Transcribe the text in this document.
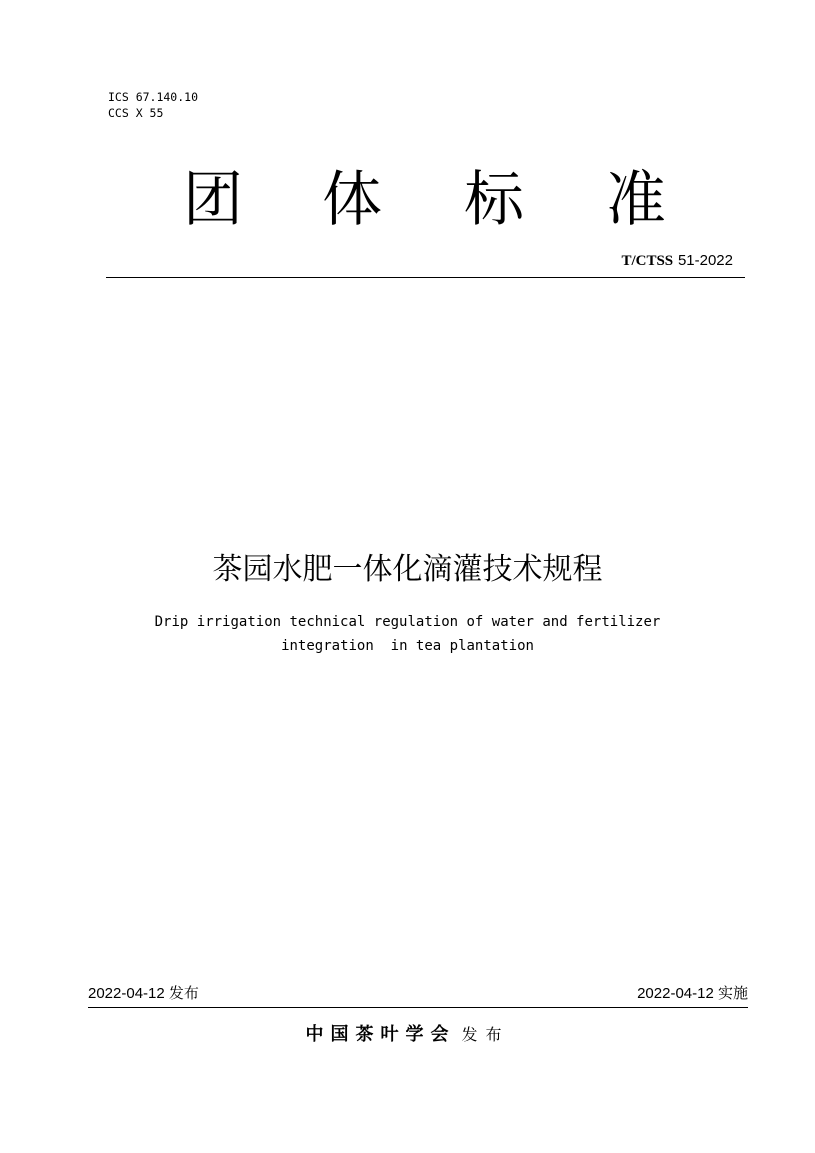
ICS 67.140.10
CCS X 55
团 体 标 准
T/CTSS 51-2022
茶园水肥一体化滴灌技术规程
Drip irrigation technical regulation of water and fertilizer
integration  in tea plantation
2022-04-12 发布	2022-04-12 实施
中国茶叶学会 发布
